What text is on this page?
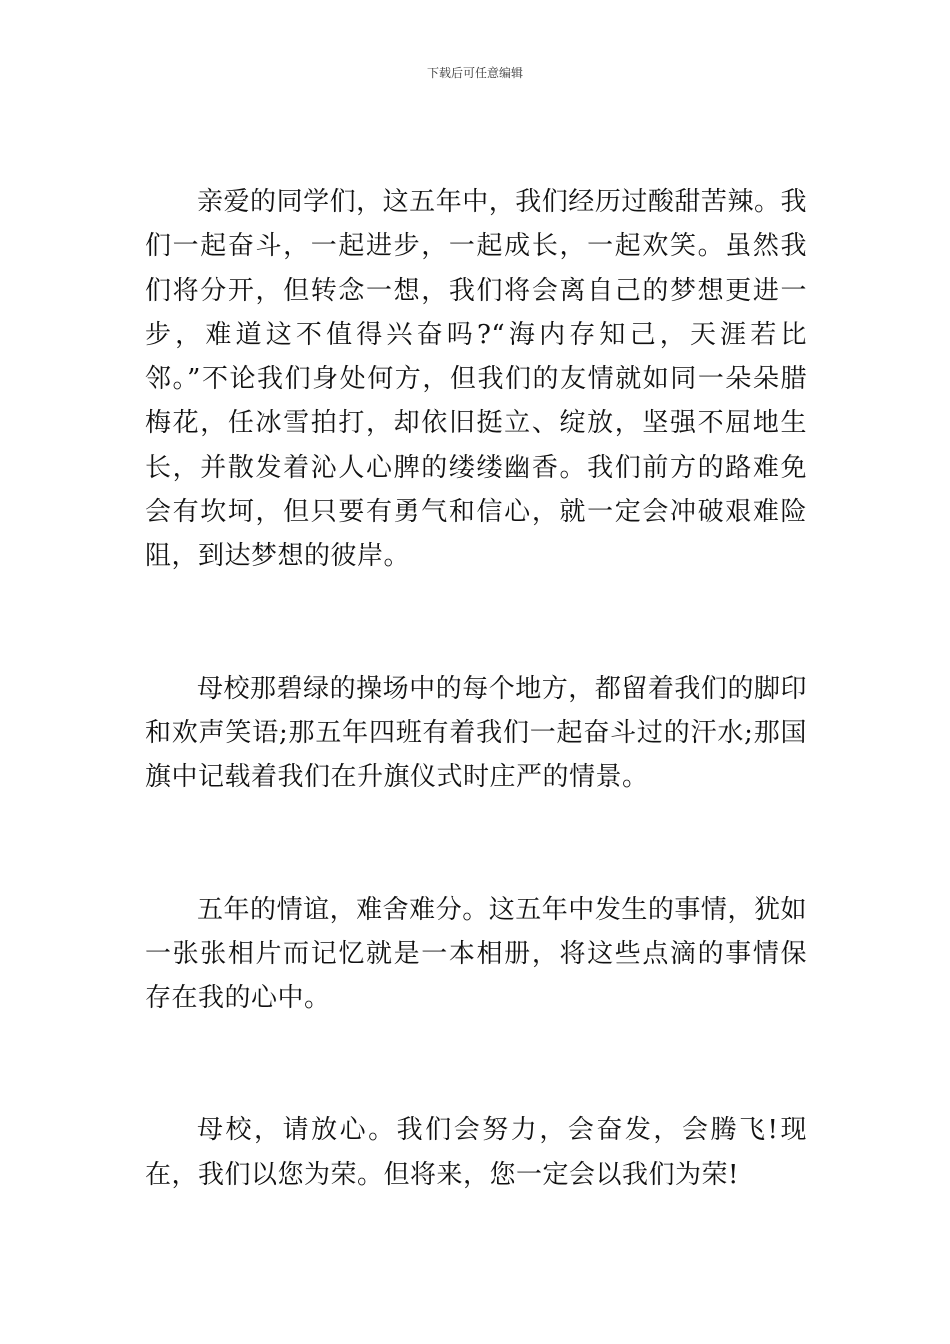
下载后可任意编辑

亲爱的同学们，这五年中，我们经历过酸甜苦辣。我们一起奋斗，一起进步，一起成长，一起欢笑。虽然我们将分开，但转念一想，我们将会离自己的梦想更进一步，难道这不值得兴奋吗?“海内存知己，天涯若比邻。”不论我们身处何方，但我们的友情就如同一朵朵腊梅花，任冰雪拍打，却依旧挺立、绽放，坚强不屈地生长，并散发着沁人心脾的缕缕幽香。我们前方的路难免会有坎坷，但只要有勇气和信心，就一定会冲破艰难险阻，到达梦想的彼岸。

母校那碧绿的操场中的每个地方，都留着我们的脚印和欢声笑语;那五年四班有着我们一起奋斗过的汗水;那国旗中记载着我们在升旗仪式时庄严的情景。

五年的情谊，难舍难分。这五年中发生的事情，犹如一张张相片而记忆就是一本相册，将这些点滴的事情保存在我的心中。

母校，请放心。我们会努力，会奋发，会腾飞!现在，我们以您为荣。但将来，您一定会以我们为荣!
